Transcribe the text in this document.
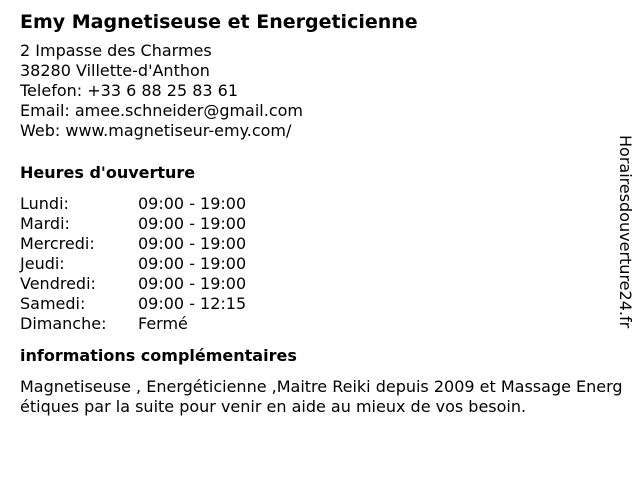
Emy Magnetiseuse et Energeticienne
2 Impasse des Charmes
38280 Villette-d'Anthon
Telefon: +33 6 88 25 83 61
Email: amee.schneider@gmail.com
Web: www.magnetiseur-emy.com/
Heures d'ouverture
Lundi:	09:00 - 19:00
Mardi:	09:00 - 19:00
Mercredi:	09:00 - 19:00
Jeudi:	09:00 - 19:00
Vendredi:	09:00 - 19:00
Samedi:	09:00 - 12:15
Dimanche:	Fermé
informations complémentaires
Magnetiseuse , Energéticienne ,Maitre Reiki depuis 2009 et Massage Energétiques par la suite pour venir en aide au mieux de vos besoin.
Horairesdouverture24.fr
